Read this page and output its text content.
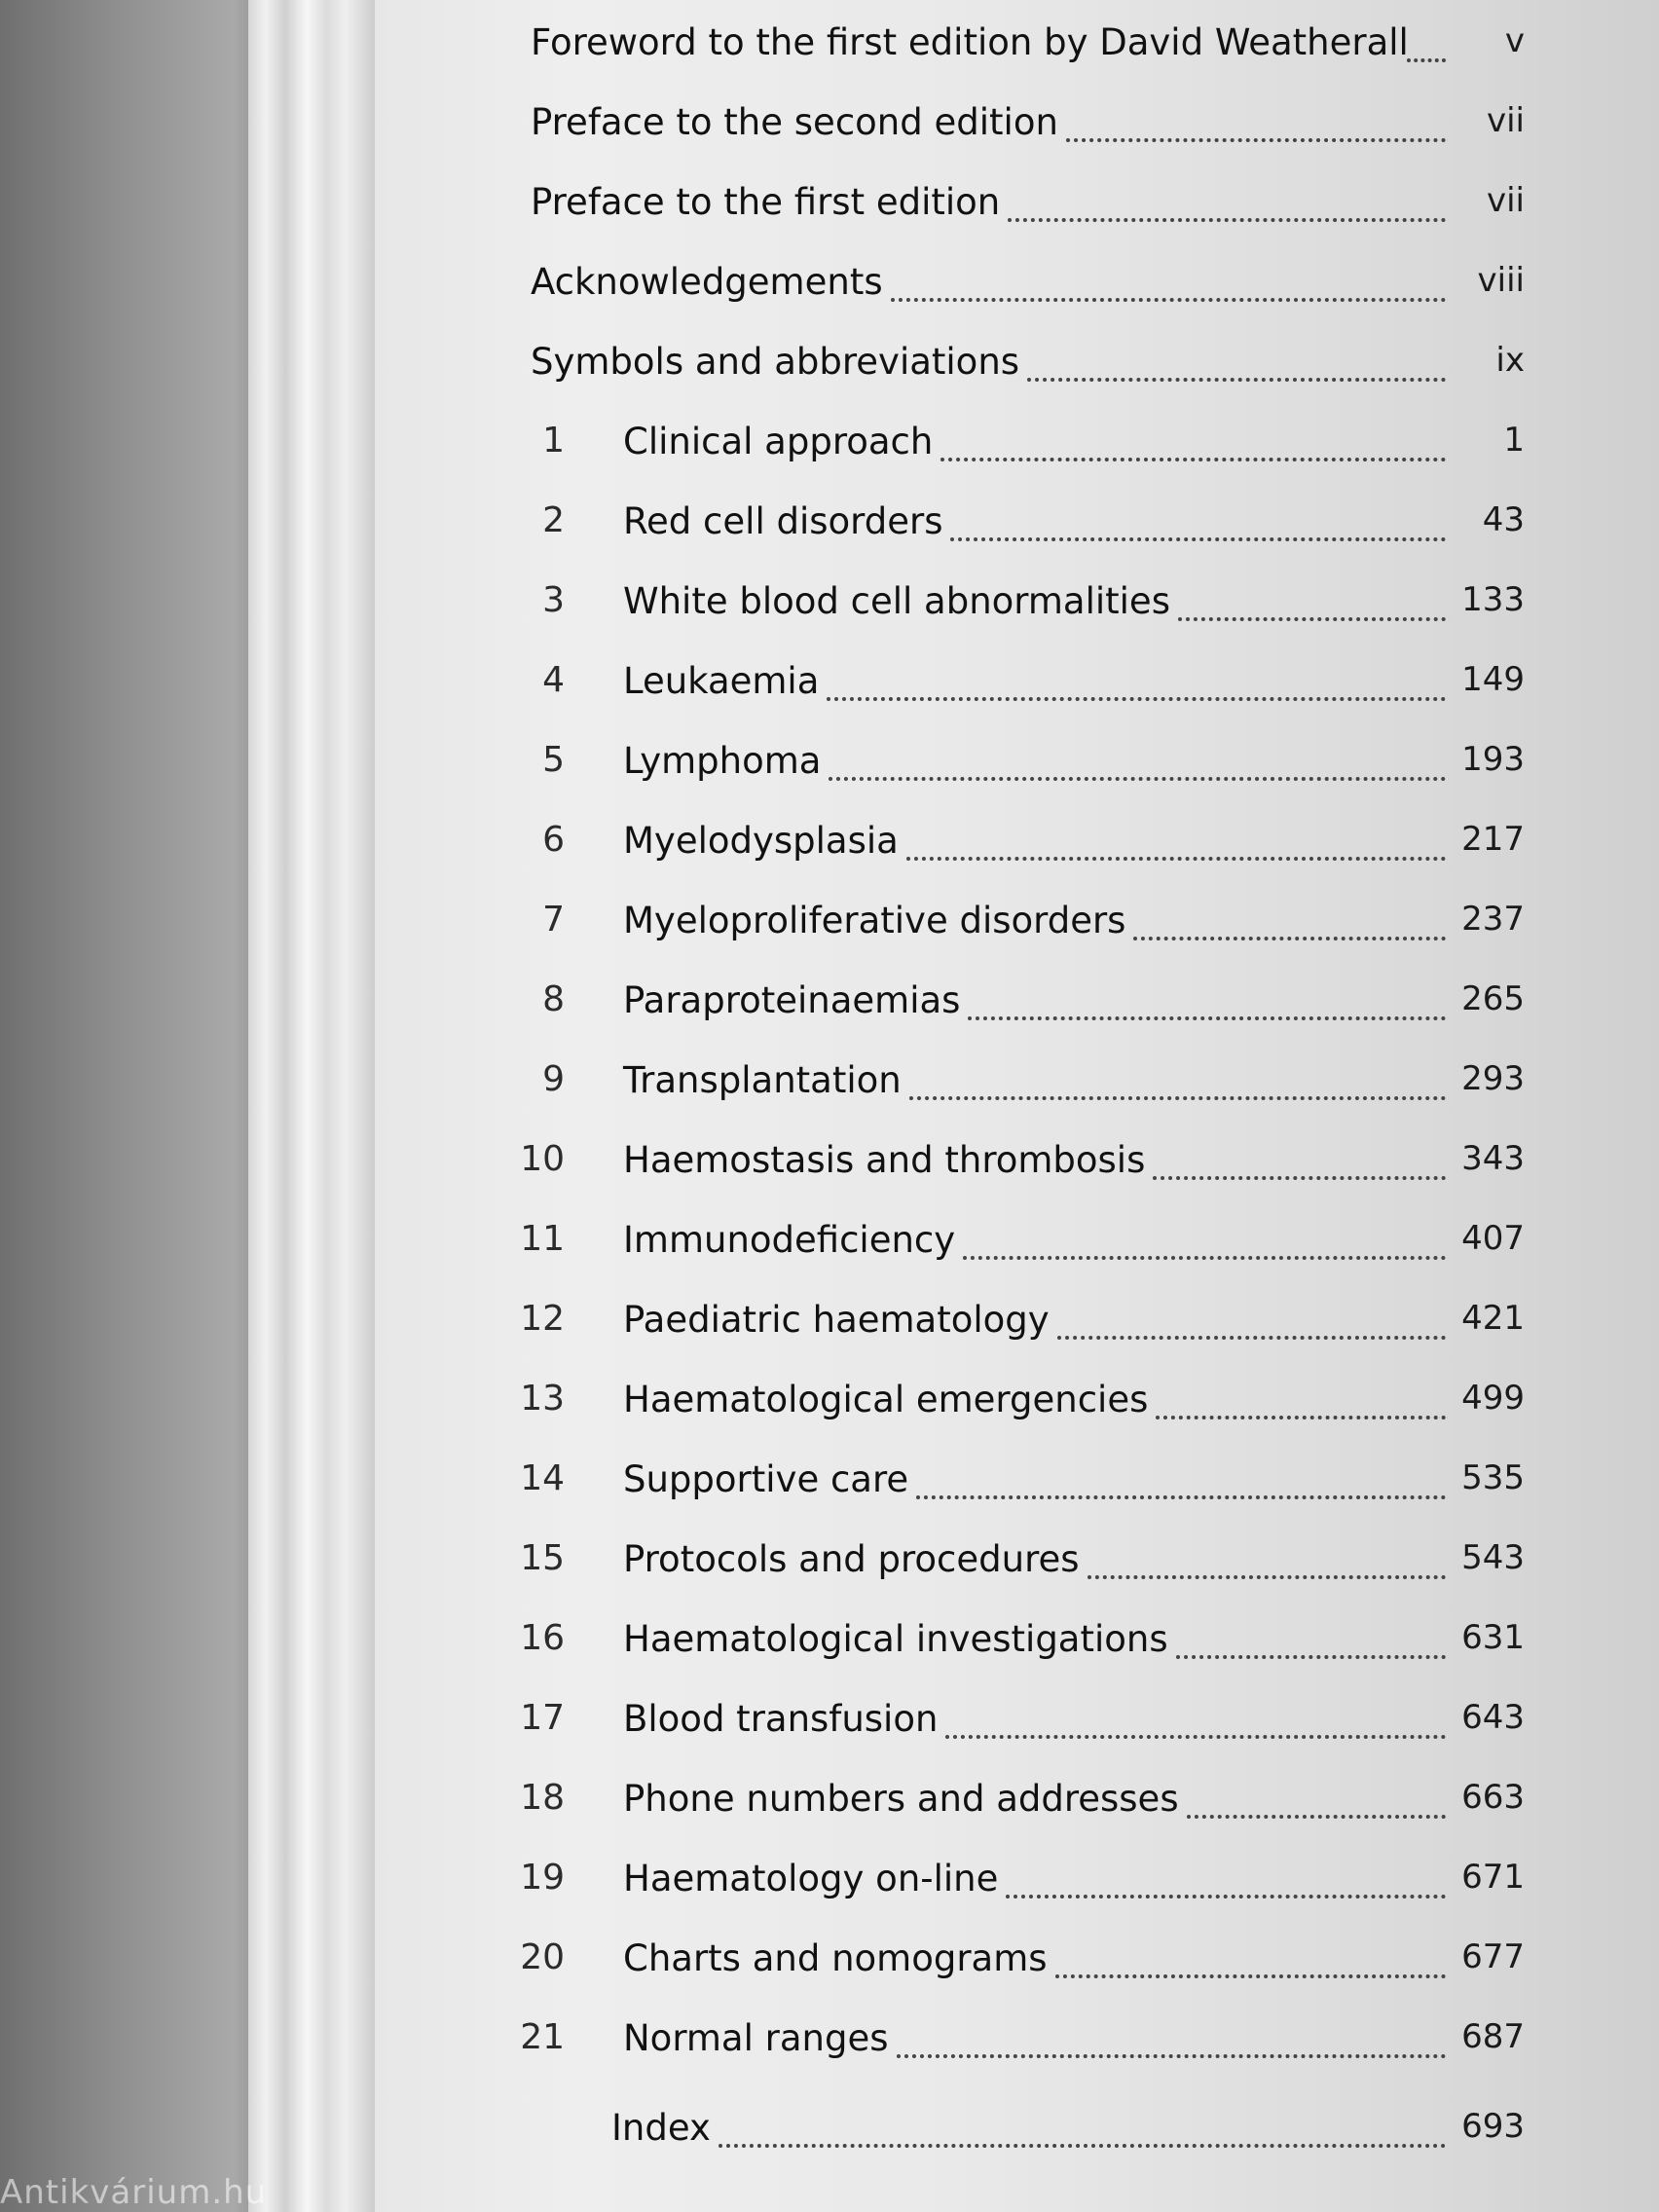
Antikvárium.hu
Foreword to the first edition by David Weatherall	v
Preface to the second edition	vii
Preface to the first edition	vii
Acknowledgements	viii
Symbols and abbreviations	ix
1 Clinical approach	1
2 Red cell disorders	43
3 White blood cell abnormalities	133
4 Leukaemia	149
5 Lymphoma	193
6 Myelodysplasia	217
7 Myeloproliferative disorders	237
8 Paraproteinaemias	265
9 Transplantation	293
10 Haemostasis and thrombosis	343
11 Immunodeficiency	407
12 Paediatric haematology	421
13 Haematological emergencies	499
14 Supportive care	535
15 Protocols and procedures	543
16 Haematological investigations	631
17 Blood transfusion	643
18 Phone numbers and addresses	663
19 Haematology on-line	671
20 Charts and nomograms	677
21 Normal ranges	687
Index	693
